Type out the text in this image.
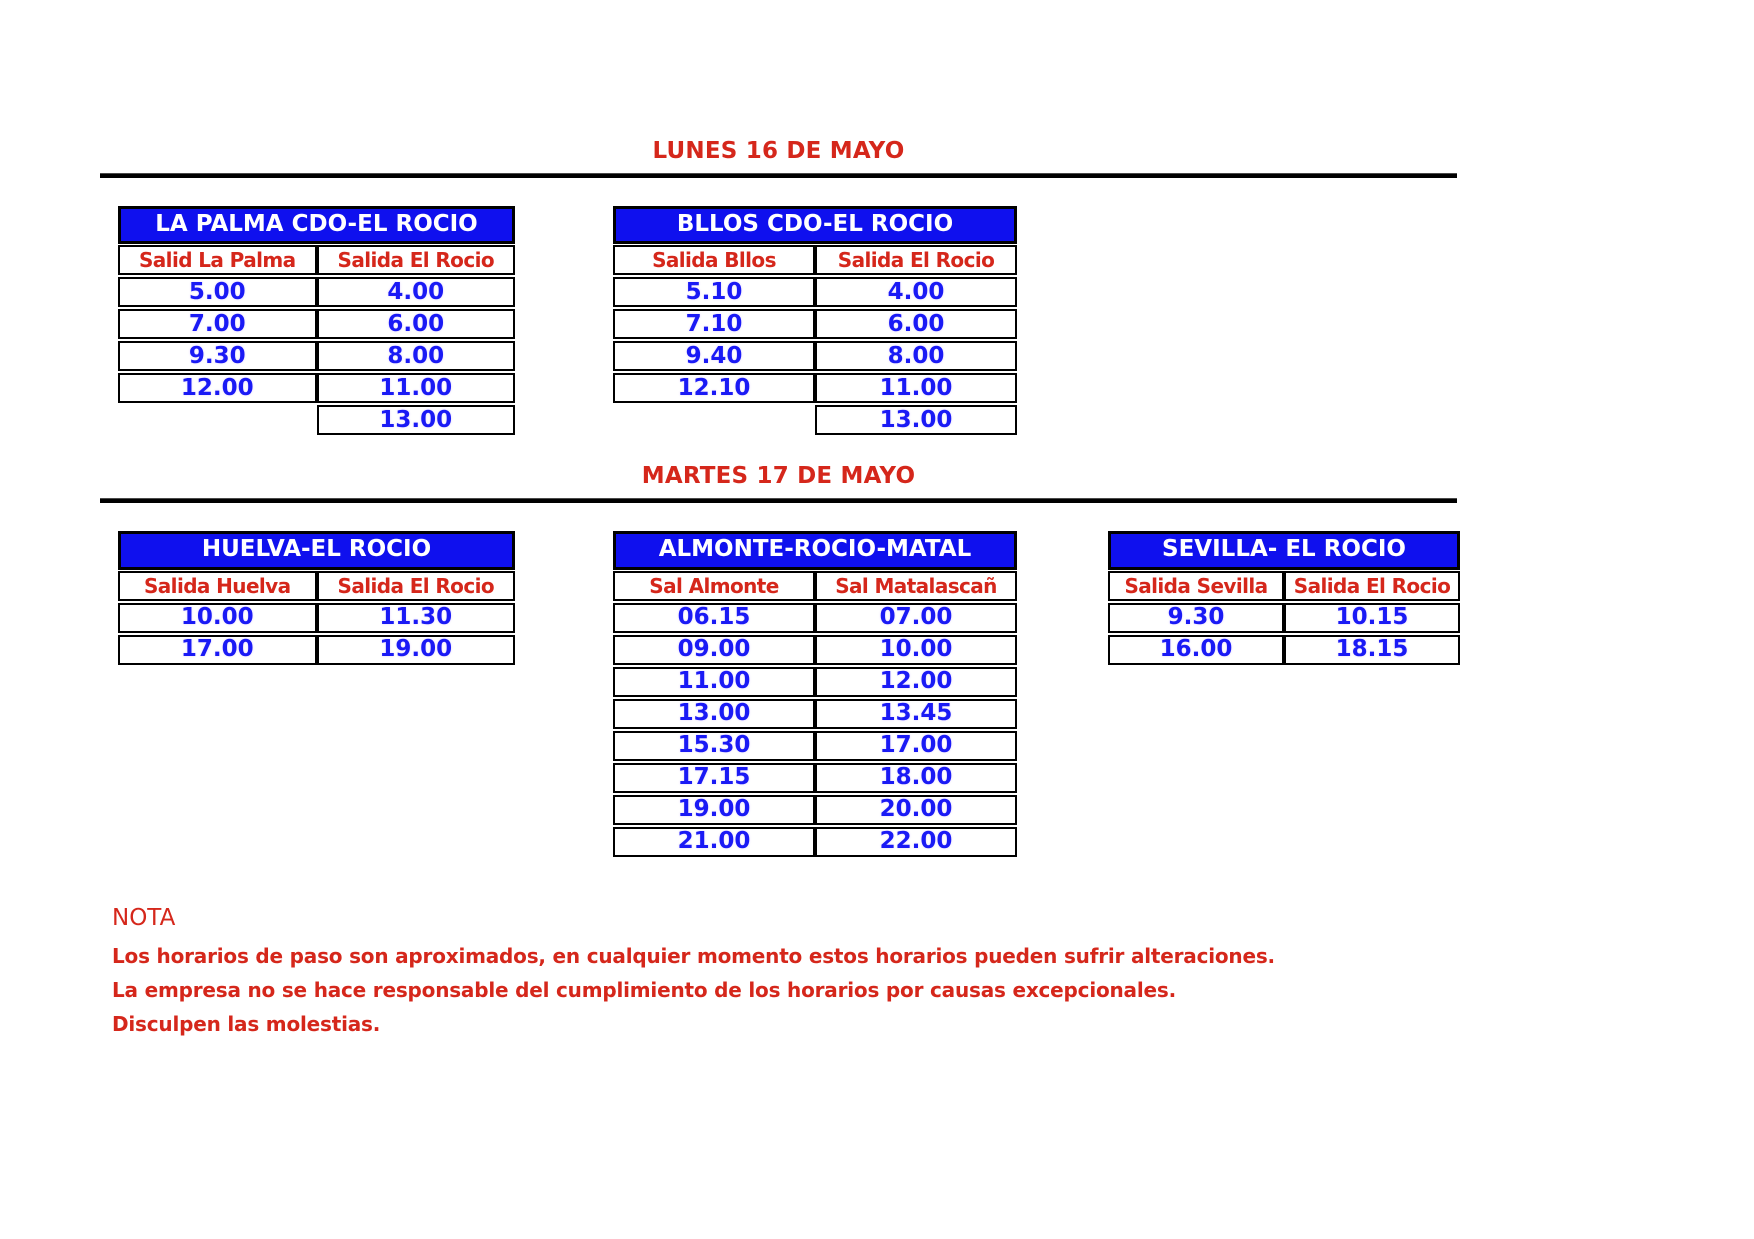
LUNES 16 DE MAYO
LA PALMA CDO-EL ROCIO
Salid La Palma	Salida El Rocio
5.00	4.00
7.00	6.00
9.30	8.00
12.00	11.00
	13.00
BLLOS CDO-EL ROCIO
Salida Bllos	Salida El Rocio
5.10	4.00
7.10	6.00
9.40	8.00
12.10	11.00
	13.00
MARTES 17 DE MAYO
HUELVA-EL ROCIO
Salida Huelva	Salida El Rocio
10.00	11.30
17.00	19.00
ALMONTE-ROCIO-MATAL
Sal Almonte	Sal Matalascañ
06.15	07.00
09.00	10.00
11.00	12.00
13.00	13.45
15.30	17.00
17.15	18.00
19.00	20.00
21.00	22.00
SEVILLA- EL ROCIO
Salida Sevilla	Salida El Rocio
9.30	10.15
16.00	18.15
NOTA
Los horarios de paso son aproximados, en cualquier momento estos horarios pueden sufrir alteraciones.
La empresa no se hace responsable del cumplimiento de los horarios por causas excepcionales.
Disculpen las molestias.
